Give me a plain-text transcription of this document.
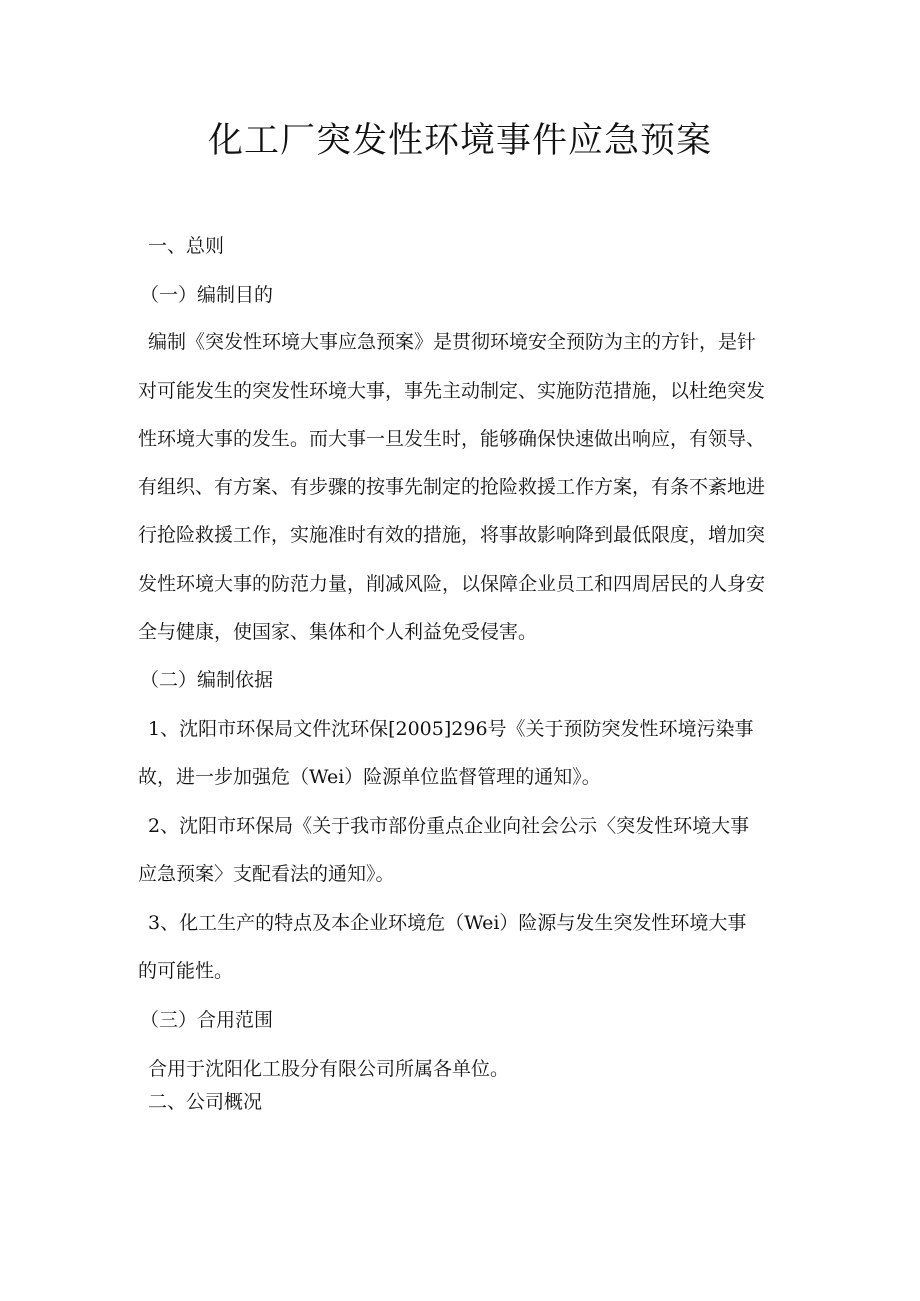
化工厂突发性环境事件应急预案
一、总则
（一）编制目的
编制《突发性环境大事应急预案》是贯彻环境安全预防为主的方针，是针
对可能发生的突发性环境大事，事先主动制定、实施防范措施，以杜绝突发
性环境大事的发生。而大事一旦发生时，能够确保快速做出响应，有领导、
有组织、有方案、有步骤的按事先制定的抢险救援工作方案，有条不紊地进
行抢险救援工作，实施准时有效的措施，将事故影响降到最低限度，增加突
发性环境大事的防范力量，削减风险，以保障企业员工和四周居民的人身安
全与健康，使国家、集体和个人利益免受侵害。
（二）编制依据
1、沈阳市环保局文件沈环保[2005]296号《关于预防突发性环境污染事
故，进一步加强危（Wei）险源单位监督管理的通知》。
2、沈阳市环保局《关于我市部份重点企业向社会公示〈突发性环境大事
应急预案〉支配看法的通知》。
3、化工生产的特点及本企业环境危（Wei）险源与发生突发性环境大事
的可能性。
（三）合用范围
合用于沈阳化工股分有限公司所属各单位。
二、公司概况
